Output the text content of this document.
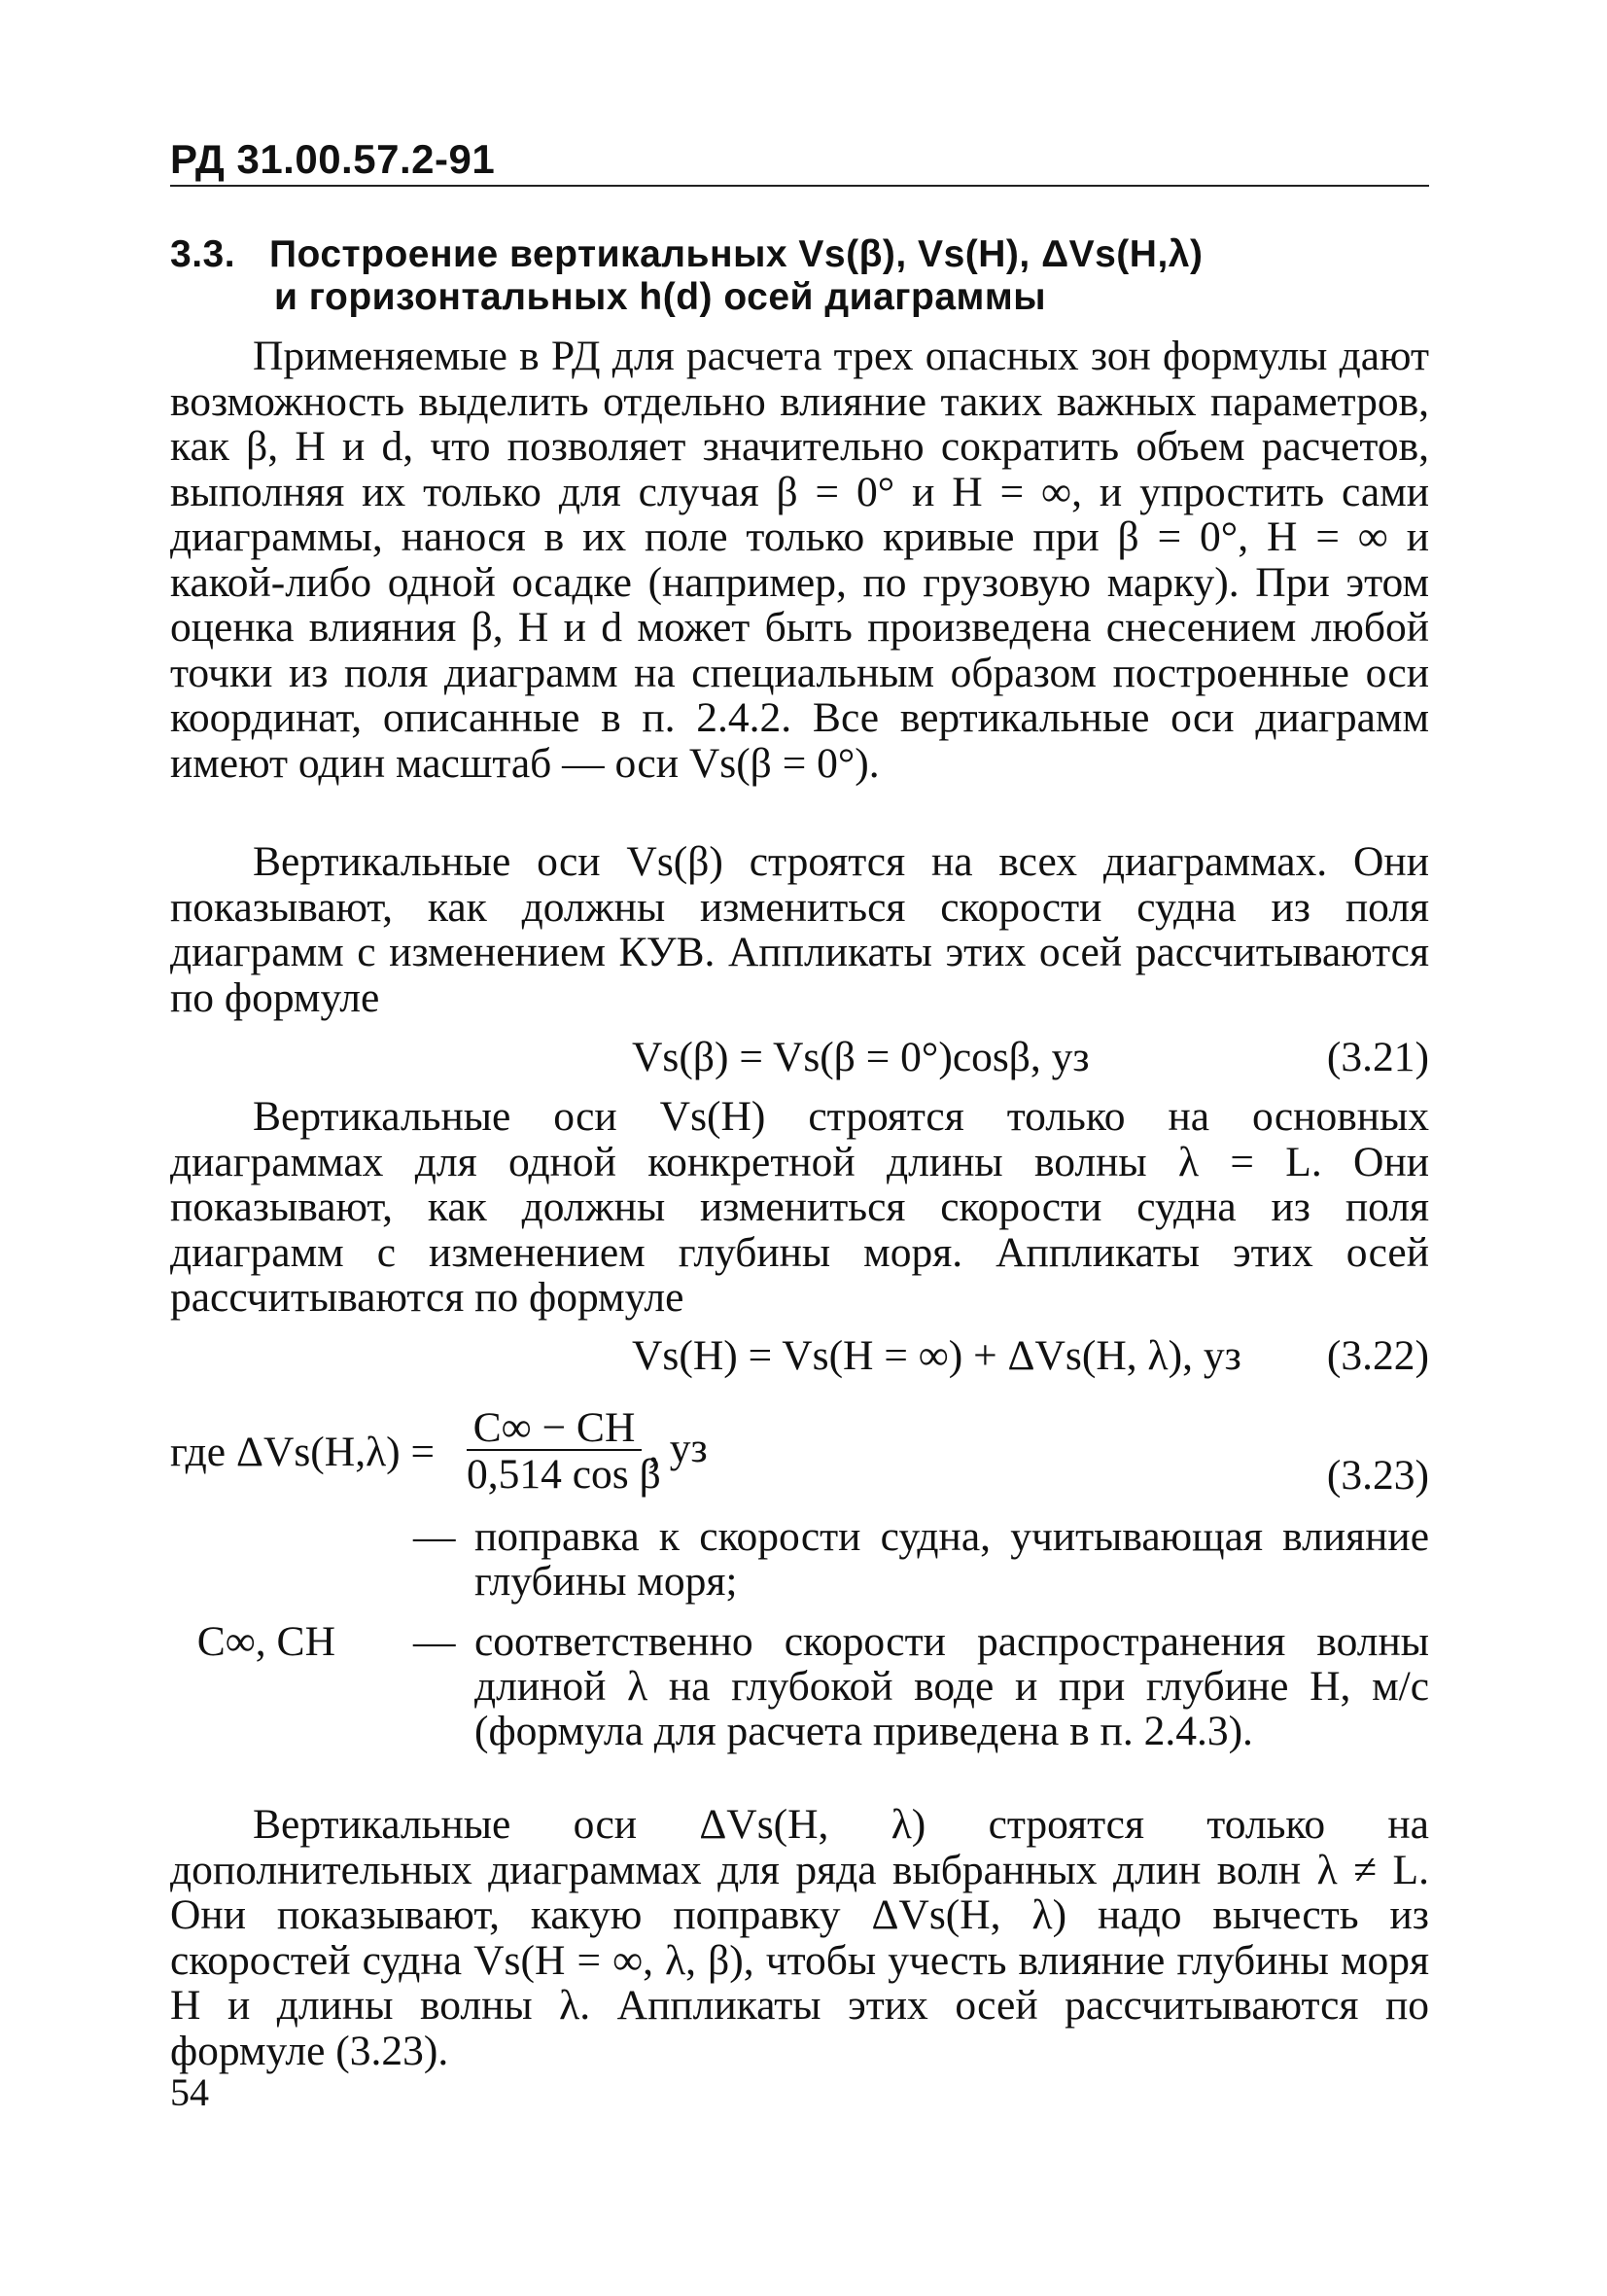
РД 31.00.57.2-91
3.3. Построение вертикальных Vs(β), Vs(H), ΔVs(H,λ)
и горизонтальных h(d) осей диаграммы
Применяемые в РД для расчета трех опасных зон формулы дают возможность выделить отдельно влияние таких важных параметров, как β, H и d, что позволяет значительно сократить объем расчетов, выполняя их только для случая β = 0° и H = ∞, и упростить сами диаграммы, нанося в их поле только кривые при β = 0°, H = ∞ и какой-либо одной осадке (например, по грузовую марку). При этом оценка влияния β, H и d может быть произведена снесением любой точки из поля диаграмм на специальным образом построенные оси координат, описанные в п. 2.4.2. Все вертикальные оси диаграмм имеют один масштаб — оси Vs(β = 0°).
Вертикальные оси Vs(β) строятся на всех диаграммах. Они показывают, как должны измениться скорости судна из поля диаграмм с изменением КУВ. Аппликаты этих осей рассчитываются по формуле
Vs(β) = Vs(β = 0°)cosβ, уз	(3.21)
Вертикальные оси Vs(H) строятся только на основных диаграммах для одной конкретной длины волны λ = L. Они показывают, как должны измениться скорости судна из поля диаграмм с изменением глубины моря. Аппликаты этих осей рассчитываются по формуле
Vs(H) = Vs(H = ∞) + ΔVs(H, λ), уз (3.22)
где $\Delta Vs(H,\lambda) = \frac{C\infty - CH}{\text{0,514 cos β}}$ , уз
(3.23)
— поправка к скорости судна, учитывающая влияние глубины моря;
C∞, CH — соответственно скорости распространения волны длиной λ на глубокой воде и при глубине H, м/с (формула для расчета приведена в п. 2.4.3).
Вертикальные оси ΔVs(H, λ) строятся только на дополнительных диаграммах для ряда выбранных длин волн λ ≠ L. Они показывают, какую поправку ΔVs(H, λ) надо вычесть из скоростей судна Vs(H = ∞, λ, β), чтобы учесть влияние глубины моря H и длины волны λ. Аппликаты этих осей рассчитываются по формуле (3.23).
54
